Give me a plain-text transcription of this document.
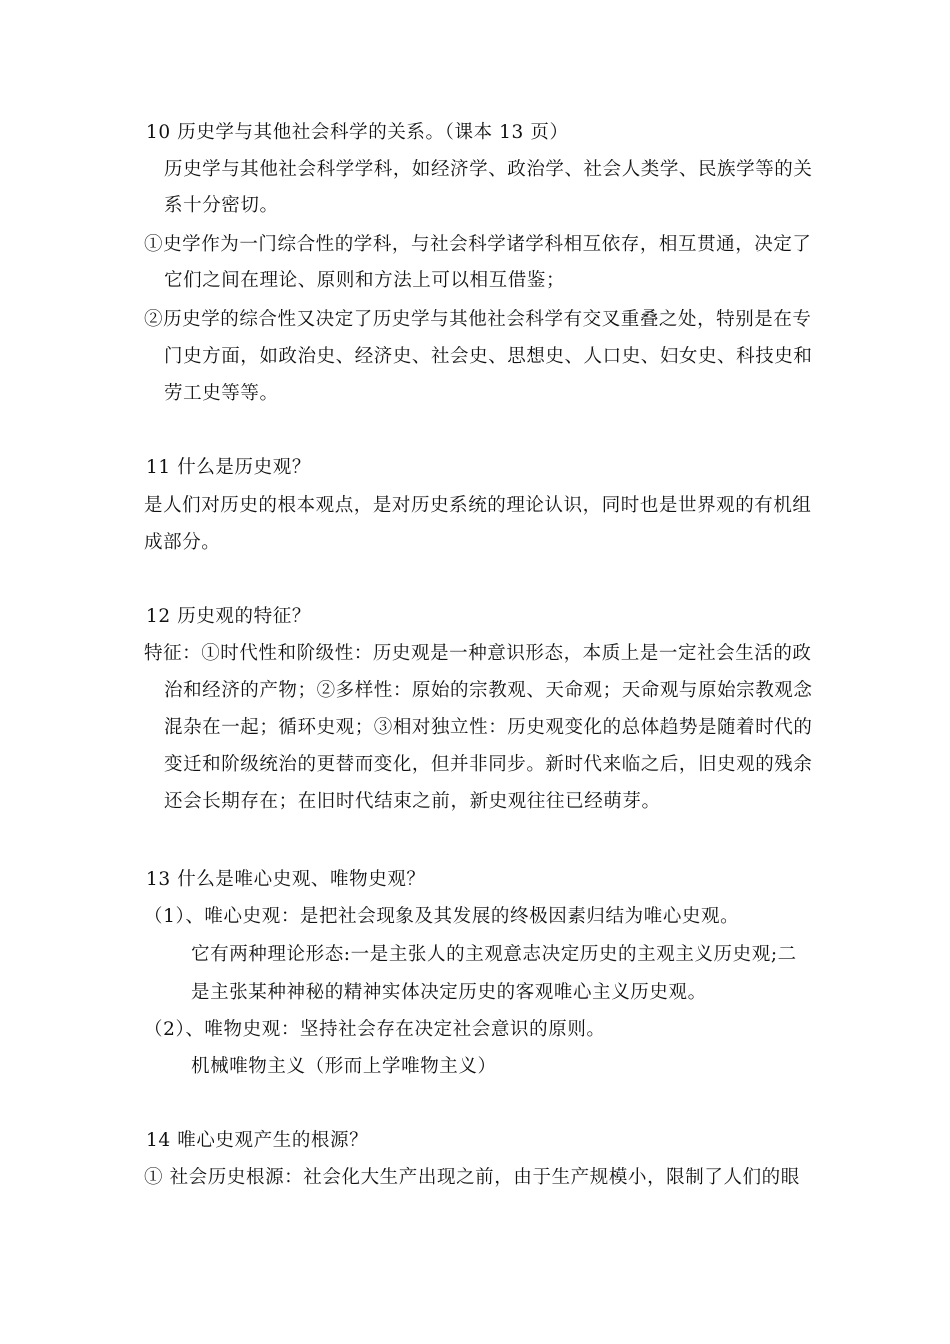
10 历史学与其他社会科学的关系。（课本 13 页）
历史学与其他社会科学学科，如经济学、政治学、社会人类学、民族学等的关
系十分密切。
①史学作为一门综合性的学科，与社会科学诸学科相互依存，相互贯通，决定了
它们之间在理论、原则和方法上可以相互借鉴；
②历史学的综合性又决定了历史学与其他社会科学有交叉重叠之处，特别是在专
门史方面，如政治史、经济史、社会史、思想史、人口史、妇女史、科技史和
劳工史等等。
11 什么是历史观？
是人们对历史的根本观点，是对历史系统的理论认识，同时也是世界观的有机组
成部分。
12 历史观的特征？
特征：①时代性和阶级性：历史观是一种意识形态，本质上是一定社会生活的政
治和经济的产物；②多样性：原始的宗教观、天命观；天命观与原始宗教观念
混杂在一起；循环史观；③相对独立性：历史观变化的总体趋势是随着时代的
变迁和阶级统治的更替而变化，但并非同步。新时代来临之后，旧史观的残余
还会长期存在；在旧时代结束之前，新史观往往已经萌芽。
13 什么是唯心史观、唯物史观？
（1）、唯心史观：是把社会现象及其发展的终极因素归结为唯心史观。
它有两种理论形态:一是主张人的主观意志决定历史的主观主义历史观;二
是主张某种神秘的精神实体决定历史的客观唯心主义历史观。
（2）、唯物史观：坚持社会存在决定社会意识的原则。
机械唯物主义（形而上学唯物主义）
14 唯心史观产生的根源？
① 社会历史根源：社会化大生产出现之前，由于生产规模小，限制了人们的眼
